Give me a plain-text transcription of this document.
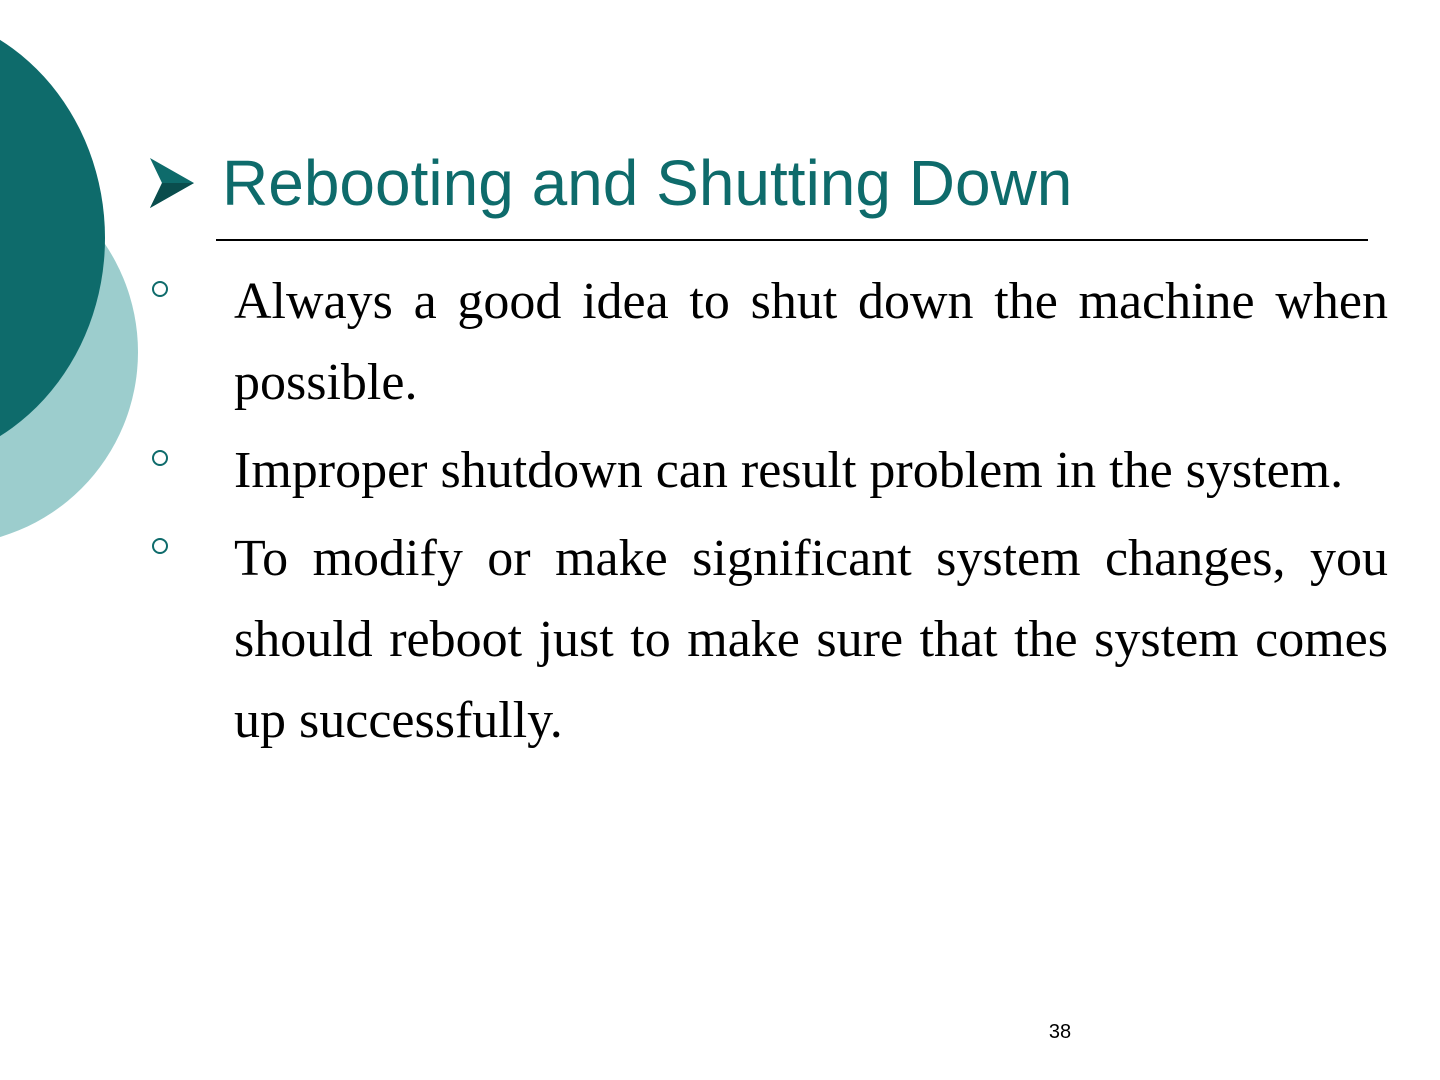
Rebooting and Shutting Down
Always a good idea to shut down the machine when possible.
Improper shutdown can result problem in the system.
To modify or make significant system changes, you should reboot just to make sure that the system comes up successfully.
38
